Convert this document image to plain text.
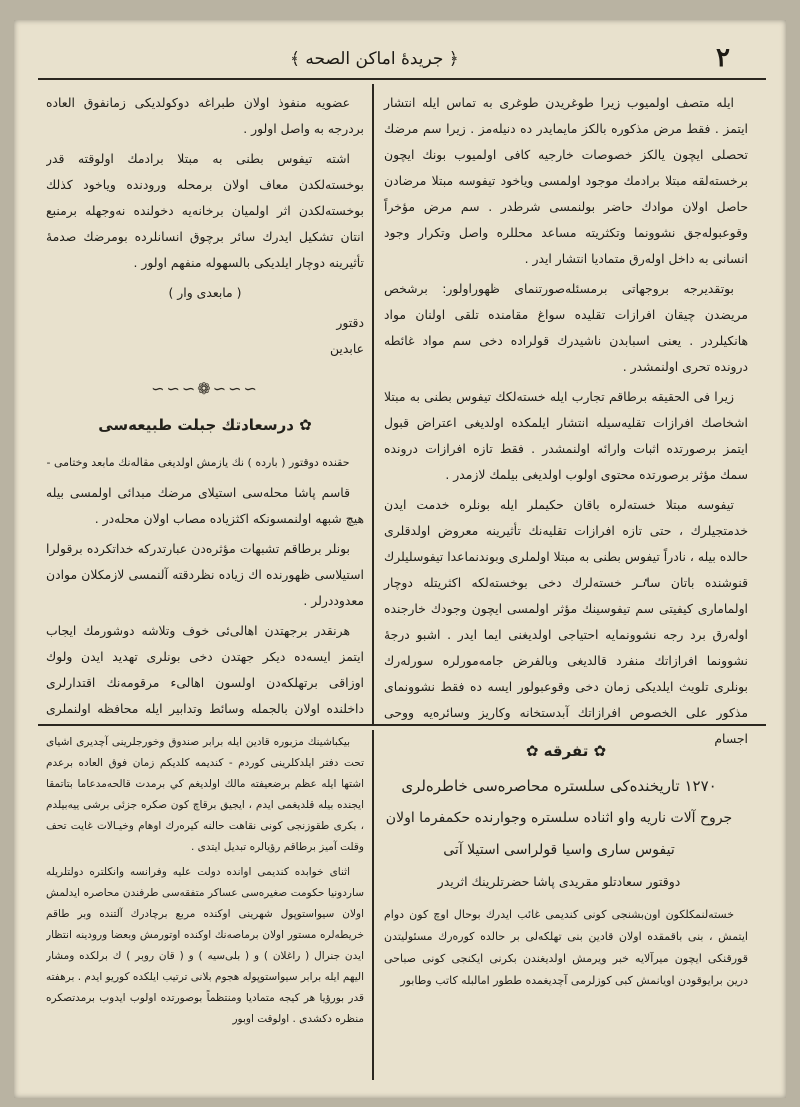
﴿ جريدۀ اماكن الصحه ﴾	٢

ايله متصف اولميوب زيرا طوغريدن طوغرى به تماس ايله انتشار ايتمز . فقط مرض مذكوره بالكز مايمايدر ده دنيلەمز . زيرا سم مرضك تحصلى ايچون يالكز خصوصات خارجيه كافى اولميوب بونك ايچون برخستەلقه مبتلا برادمك موجود اولمسى وياخود تيفوسه مبتلا مرضادن حاصل اولان موادك حاضر بولنمسى شرطدر . سم مرض مؤخراً وقوعبولەجق نشوونما وتكثريته مساعد محللره واصل وتكرار وجود انسانى به داخل اولەرق متماديا انتشار ايدر .

بوتقديرجه بروجهاتى برمسئلەصورتنماى ظهوراولور: برشخص مريضدن چيقان افرازات تقليده سواغ مقامنده تلقى اولنان مواد هانكيلردر . يعنى اسبابدن ناشيدرك قولراده دخى سم مواد غائطه درونده تحرى اولنمشدر .

زيرا فى الحقيقه برطاقم تجارب ايله خستەلكك تيفوس بطنى به مبتلا اشخاصك افرازات تقليه‌سيله انتشار ايلمكده اولديغى اعتراض قبول ايتمز برصورتده اثبات وارائه اولنمشدر . فقط تازه افرازات درونده سمك مؤثر برصورتده محتوى اولوب اولديغى بيلمك لازمدر .

تيفوسه مبتلا خستەلره باقان حكيملر ايله بونلره خدمت ايدن خدمتجيلرك ، حتى تازه افرازات تقليه‌نك تأثيرينه معروض اولدقلرى حالده بيله ، نادراً تيفوس بطنى به مبتلا اولملرى وبوندنماعدا تيفوسليلرك قنوشنده باتان ساٸر خستەلرك دخى بوخستەلكه اكثريتله دوچار اولمامارى كيفيتى سم تيفوسينك مؤثر اولمسى ايچون وجودك خارجنده اولەرق برد رجه نشوونمايه احتياجى اولديغنى ايما ايدر . اشبو درجۀ نشوونما افرازاتك منفرد قالديغى وبالفرض جامەمورلره سورلەرك بونلرى تلويث ايلديكى زمان دخى وقوعبولور ايسه ده فقط نشوونماى مذكور على الخصوص افرازاتك آبدستخانه وكاريز وسائرەيه ووحى اجسام

عضويه منفوذ اولان طبراغه دوكولديكى زمانفوق العاده بردرجه به واصل اولور .

اشته تيفوس بطنى به مبتلا برادمك اولوقته قدر بوخستەلكدن معاف اولان برمحله ورودنده وياخود كذلك بوخستەلكدن اثر اولميان برخانه‌يه دخولنده نه‌وجهله برمنبع انتان تشكيل ايدرك سائر برچوق انسانلرده بومرضك صدمۀ تأثيرينه دوچار ايلديكى بالسهوله منفهم اولور .

( مابعدى وار )

دقتور
عابدين
∽∽∽❁∽∽∽
✿ درسعادتك جبلت طبيعه‌سى

حقنده دوقتور ( بارده ) نك يازمش اولديغى مقالەنك مابعد وختامى -

قاسم پاشا محله‌سى استيلاى مرضك مبدائى اولمسى بيله هيچ شبهه اولنمسونكه اكثزياده مصاب اولان محلەدر .

بونلر برطاقم تشبهات مؤثرەدن عبارتدركه خداتكرده برقولرا استيلاسى ظهورنده اك زياده نظردقته آلنمسى لازمكلان موادن معدوددرلر .

هرنقدر برجهتدن اهالى‌ئى خوف وتلاشه دوشورمك ايجاب ايتمز ايسه‌ده ديكر جهتدن دخى بونلرى تهديد ايدن ولوك اوزاقى برتهلكەدن اولسون اهالىء مرقومەنك اقتدارلرى داخلنده اولان بالجمله وسائط وتدابير ايله محافظه اولنملرى

بيكباشينك مزبوره قادين ايله برابر صندوق وخورجلرينى آچديرى اشياى تحت دفتر ايلدكلرينى كوردم - كنديمه كلديكم زمان فوق العاده برعدم اشتها ايله عظم برضعيفته مالك اولديغم كي برمدت قالحەمدعاما بتاتمقا ايجنده بيله قلديغمى ايدم ، ايجيق برقاچ كون صكره جزئى برشى ييەبيلدم ، بكرى طقوزنجى كونى نقاهت حالنه كيرەرك اوهام وخيـالات غايت تحف وقلت آميز برطاقم رؤيالره تبديل ايتدى .

اثناى خوابده كنديمى اوانده دولت عليه وفرانسه وانكلتره دولتلريله ساردونيا حكومت صغيره‌سى عساكر متفقه‌سى طرفندن محاصره ايدلمش اولان سيواستوپول شهرينى اوكنده مربع برچادرك آلتنده وبر طاقم خريطه‌لره مستور اولان برماصه‌نك اوكنده اوتورمش وبعضا ورودينه انتظار ايدن جنرال ( راغلان ) و ( بلى‌سيه ) و ( قان روبر ) ك برلكده ومشار اليهم ايله برابر سيواستوپوله هجوم بلانى ترتيب ايلكده كوريو ايدم . برهفته قدر بورؤيا هر كيجه متماديا ومنتظماً بوصورتده اولوب ايدوب برمدتصكره منظره دكشدى . اولوقت اوبور

✿ تفرقه ✿

١٢٧٠ تاريخنده‌كى سلستره محاصره‌سى خاطرەلرى

جروح آلات ناريه واو اثناده سلستره وجوارنده حكمفرما اولان

تيفوس سارى واسيا قولراسى استيلا آتى

دوقتور سعادتلو مقريدى پاشا حضرتلرينك اثريدر

خستەلنمكلكون اون‌بشنجى كونى كنديمى غائب ايدرك بوحال اوچ كون دوام ايتمش ، بنى باقمقده اولان قادين بنى تهلكەلى بر حالده كورەرك مسئوليتدن قورقنكى ايچون ميرآلايه خبر ويرمش اولديغندن بكرنى ايكنجى كونى صباحى درين برايوقودن اويانمش كبى كوزلرمى آچديغمده ططور امالبله كاتب وطابور
